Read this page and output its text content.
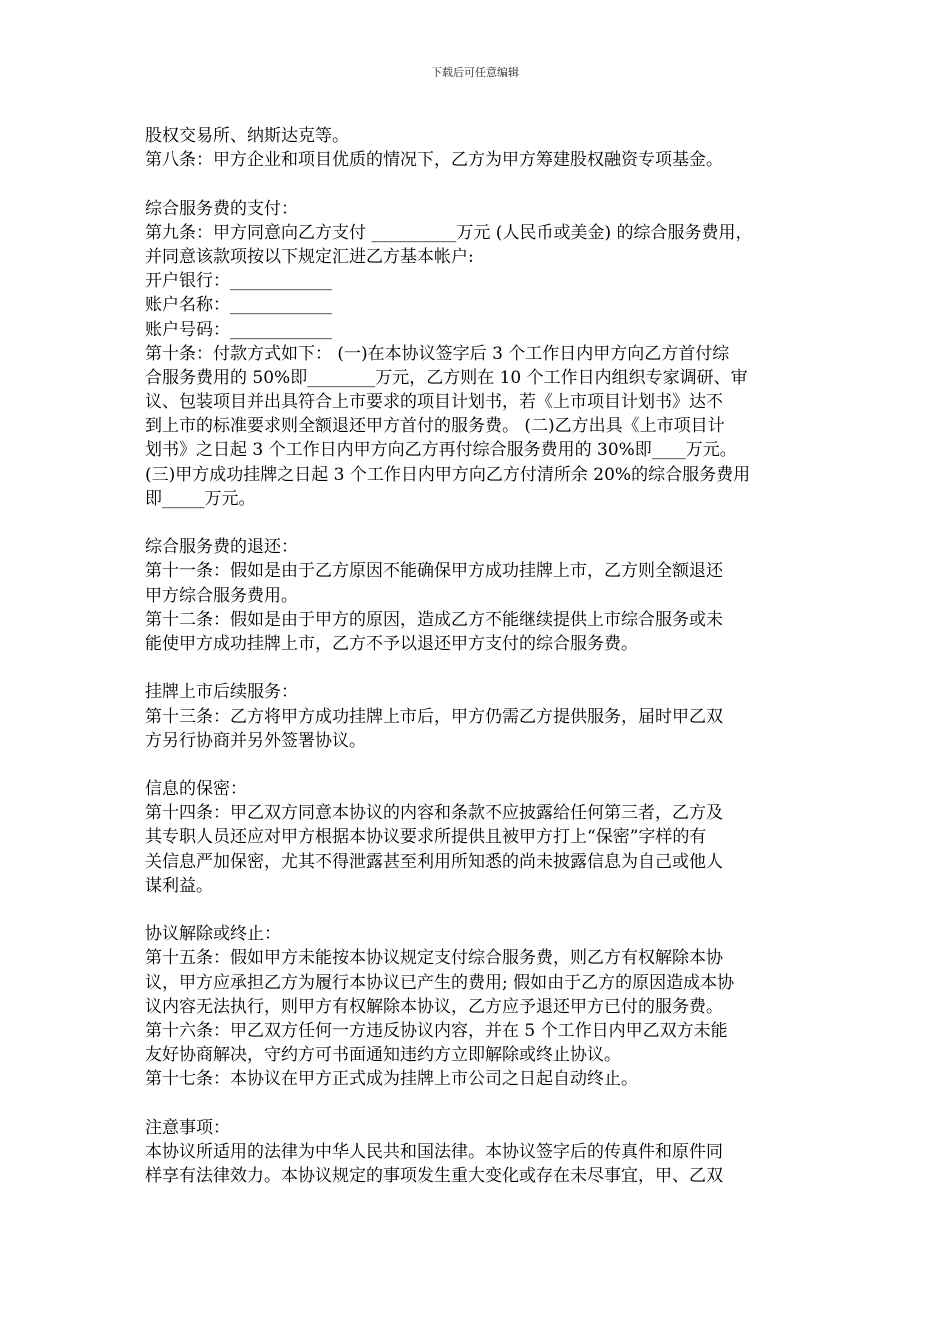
下载后可任意编辑
股权交易所、纳斯达克等。
第八条：甲方企业和项目优质的情况下，乙方为甲方筹建股权融资专项基金。
综合服务费的支付：
第九条：甲方同意向乙方支付 __________万元 (人民币或美金) 的综合服务费用，
并同意该款项按以下规定汇进乙方基本帐户:
开户银行：____________
账户名称：____________
账户号码：____________
第十条：付款方式如下： (一)在本协议签字后 3 个工作日内甲方向乙方首付综
合服务费用的 50%即________万元，乙方则在 10 个工作日内组织专家调研、审
议、包装项目并出具符合上市要求的项目计划书，若《上市项目计划书》达不
到上市的标准要求则全额退还甲方首付的服务费。 (二)乙方出具《上市项目计
划书》之日起 3 个工作日内甲方向乙方再付综合服务费用的 30%即____万元。
(三)甲方成功挂牌之日起 3 个工作日内甲方向乙方付清所余 20%的综合服务费用
即_____万元。
综合服务费的退还：
第十一条：假如是由于乙方原因不能确保甲方成功挂牌上市，乙方则全额退还
甲方综合服务费用。
第十二条：假如是由于甲方的原因，造成乙方不能继续提供上市综合服务或未
能使甲方成功挂牌上市，乙方不予以退还甲方支付的综合服务费。
挂牌上市后续服务：
第十三条：乙方将甲方成功挂牌上市后，甲方仍需乙方提供服务，届时甲乙双
方另行协商并另外签署协议。
信息的保密：
第十四条：甲乙双方同意本协议的内容和条款不应披露给任何第三者，乙方及
其专职人员还应对甲方根据本协议要求所提供且被甲方打上“保密”字样的有
关信息严加保密，尤其不得泄露甚至利用所知悉的尚未披露信息为自己或他人
谋利益。
协议解除或终止：
第十五条：假如甲方未能按本协议规定支付综合服务费，则乙方有权解除本协
议，甲方应承担乙方为履行本协议已产生的费用; 假如由于乙方的原因造成本协
议内容无法执行，则甲方有权解除本协议，乙方应予退还甲方已付的服务费。
第十六条：甲乙双方任何一方违反协议内容，并在 5 个工作日内甲乙双方未能
友好协商解决，守约方可书面通知违约方立即解除或终止协议。
第十七条：本协议在甲方正式成为挂牌上市公司之日起自动终止。
注意事项：
本协议所适用的法律为中华人民共和国法律。本协议签字后的传真件和原件同
样享有法律效力。本协议规定的事项发生重大变化或存在未尽事宜，甲、乙双
